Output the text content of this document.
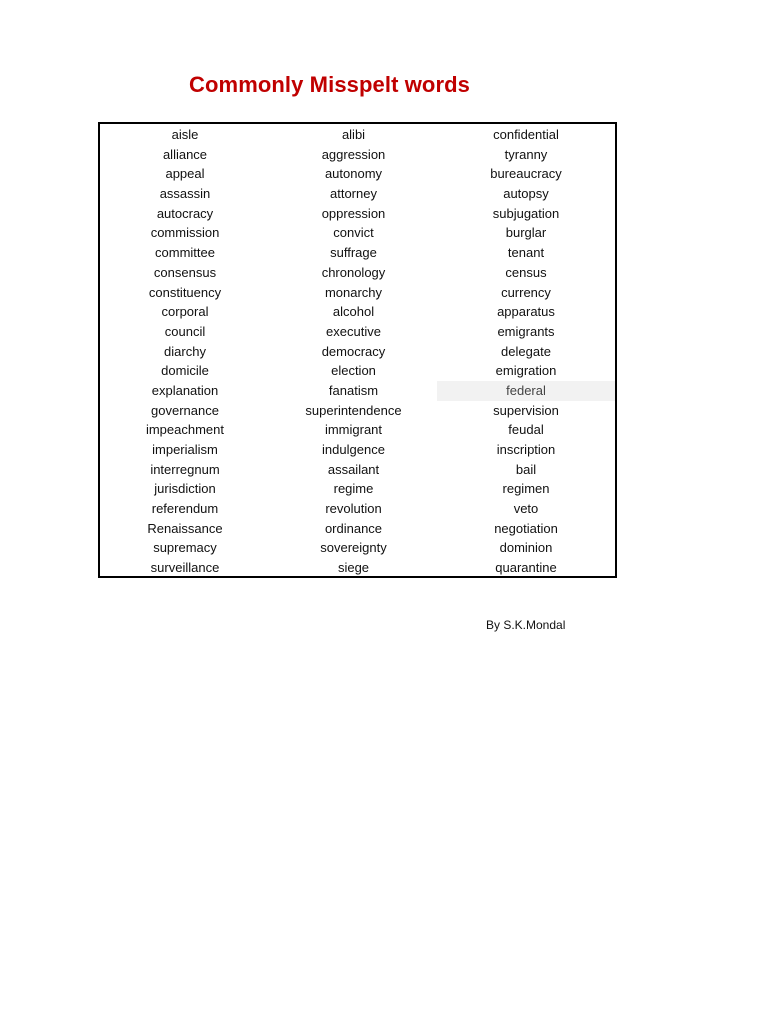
Commonly Misspelt words
aisle	alibi	confidential
alliance	aggression	tyranny
appeal	autonomy	bureaucracy
assassin	attorney	autopsy
autocracy	oppression	subjugation
commission	convict	burglar
committee	suffrage	tenant
consensus	chronology	census
constituency	monarchy	currency
corporal	alcohol	apparatus
council	executive	emigrants
diarchy	democracy	delegate
domicile	election	emigration
explanation	fanatism	federal
governance	superintendence	supervision
impeachment	immigrant	feudal
imperialism	indulgence	inscription
interregnum	assailant	bail
jurisdiction	regime	regimen
referendum	revolution	veto
Renaissance	ordinance	negotiation
supremacy	sovereignty	dominion
surveillance	siege	quarantine
By S.K.Mondal
